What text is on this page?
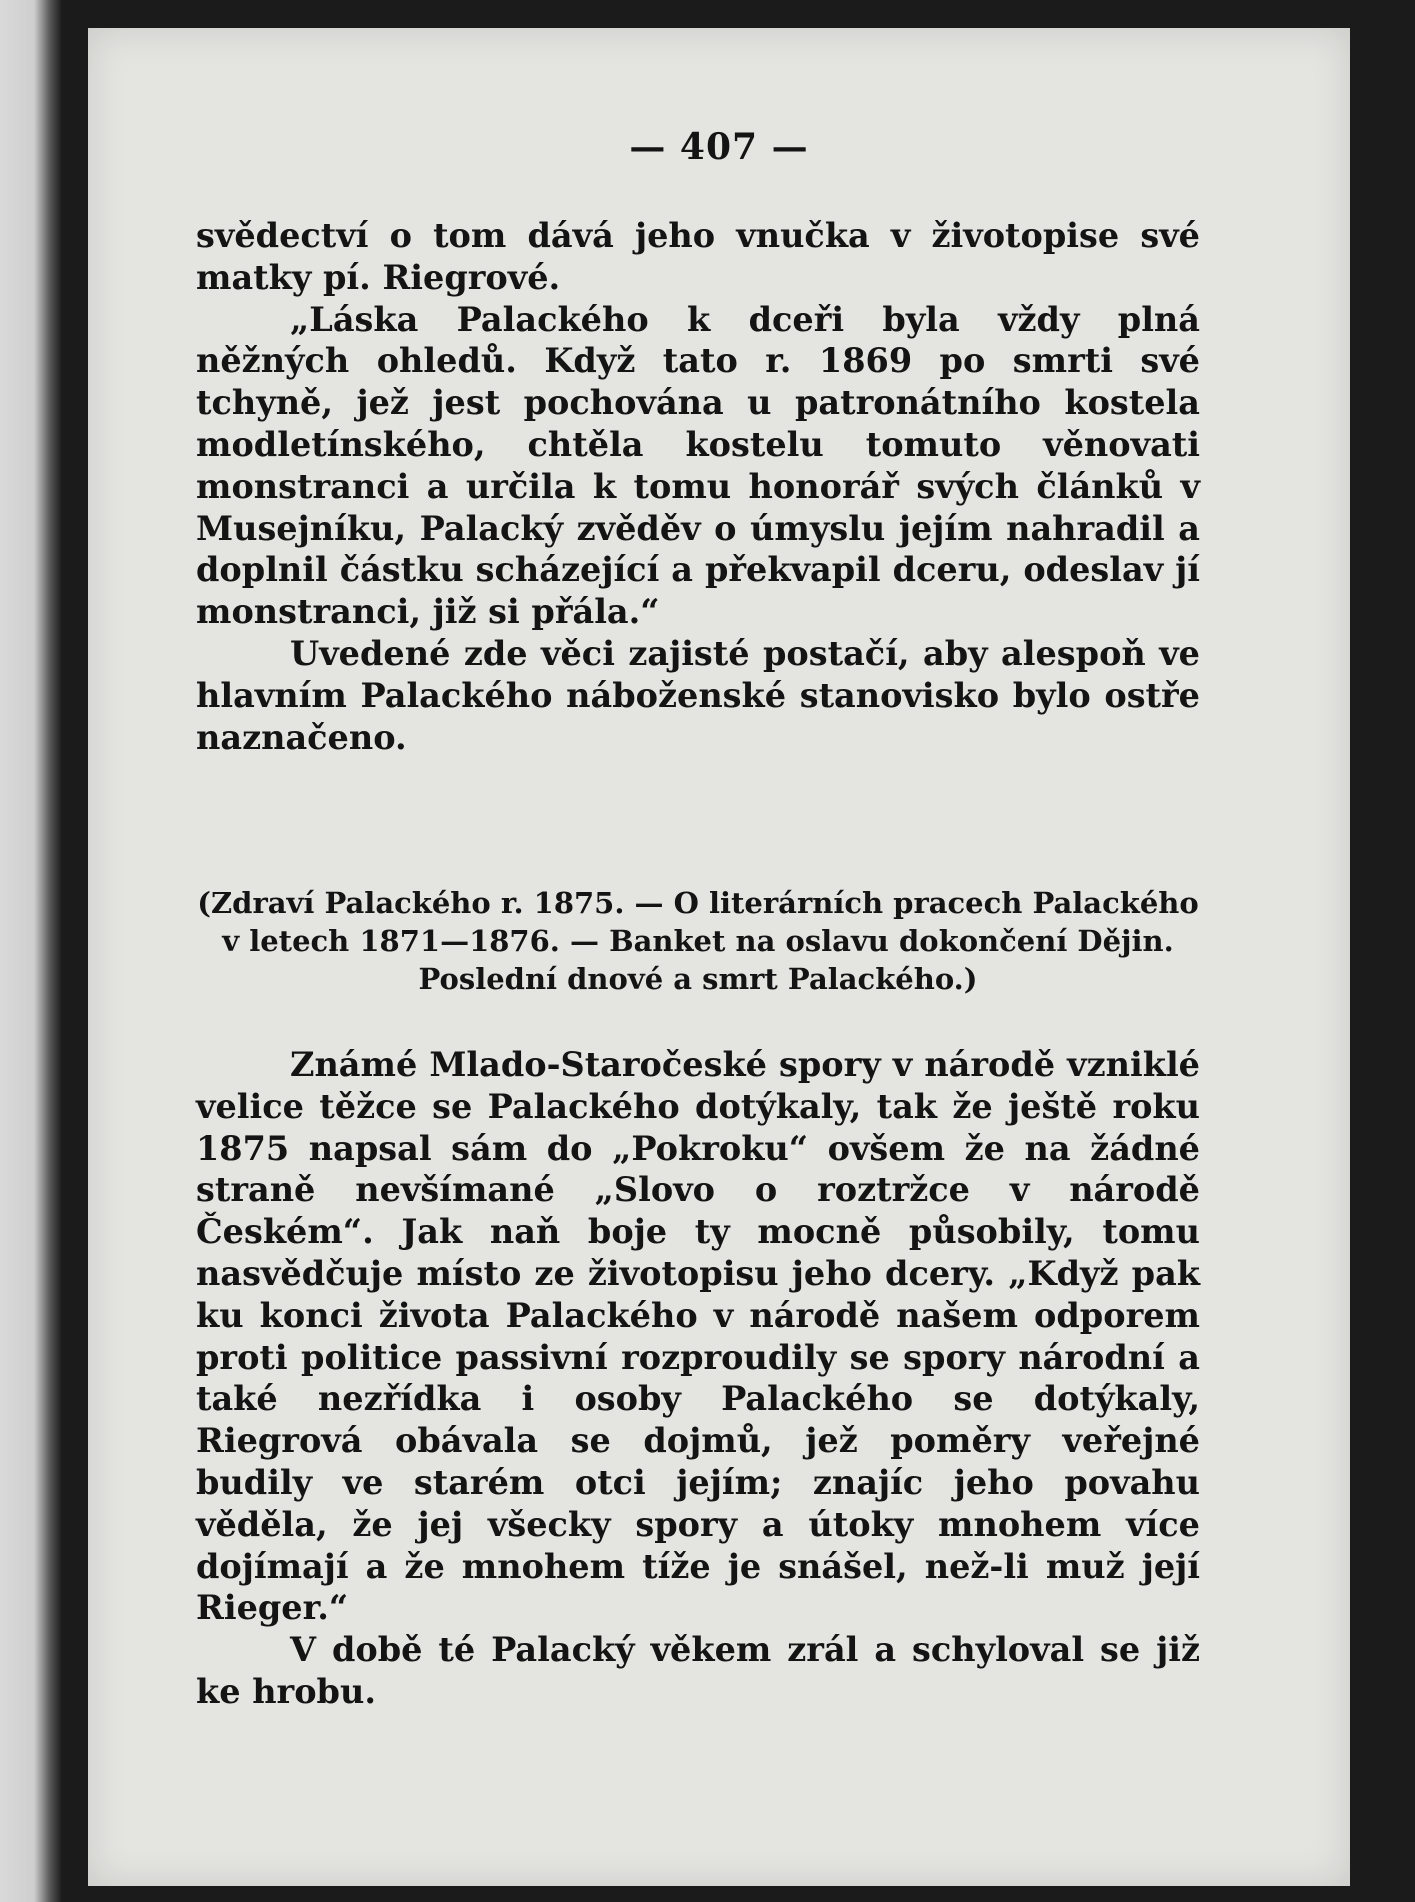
— 407 —

svědectví o tom dává jeho vnučka v životopise své matky pí. Riegrové.

„Láska Palackého k dceři byla vždy plná něžných ohledů. Když tato r. 1869 po smrti své tchyně, jež jest pochována u patronátního kostela modletínského, chtěla kostelu tomuto věnovati monstranci a určila k tomu honorář svých článků v Musejníku, Palacký zvěděv o úmyslu jejím nahradil a doplnil částku scházející a překvapil dceru, odeslav jí monstranci, již si přála.“

Uvedené zde věci zajisté postačí, aby alespoň ve hlavním Palackého náboženské stanovisko bylo ostře naznačeno.

(Zdraví Palackého r. 1875. — O literárních pracech Palackého v letech 1871—1876. — Banket na oslavu dokončení Dějin. Poslední dnové a smrt Palackého.)

Známé Mlado-Staročeské spory v národě vzniklé velice těžce se Palackého dotýkaly, tak že ještě roku 1875 napsal sám do „Pokroku“ ovšem že na žádné straně nevšímané „Slovo o roztržce v národě Českém“. Jak naň boje ty mocně působily, tomu nasvědčuje místo ze životopisu jeho dcery. „Když pak ku konci života Palackého v národě našem odporem proti politice passivní rozproudily se spory národní a také nezřídka i osoby Palackého se dotýkaly, Riegrová obávala se dojmů, jež poměry veřejné budily ve starém otci jejím; znajíc jeho povahu věděla, že jej všecky spory a útoky mnohem více dojímají a že mnohem tíže je snášel, než-li muž její Rieger.“

V době té Palacký věkem zrál a schyloval se již ke hrobu.
